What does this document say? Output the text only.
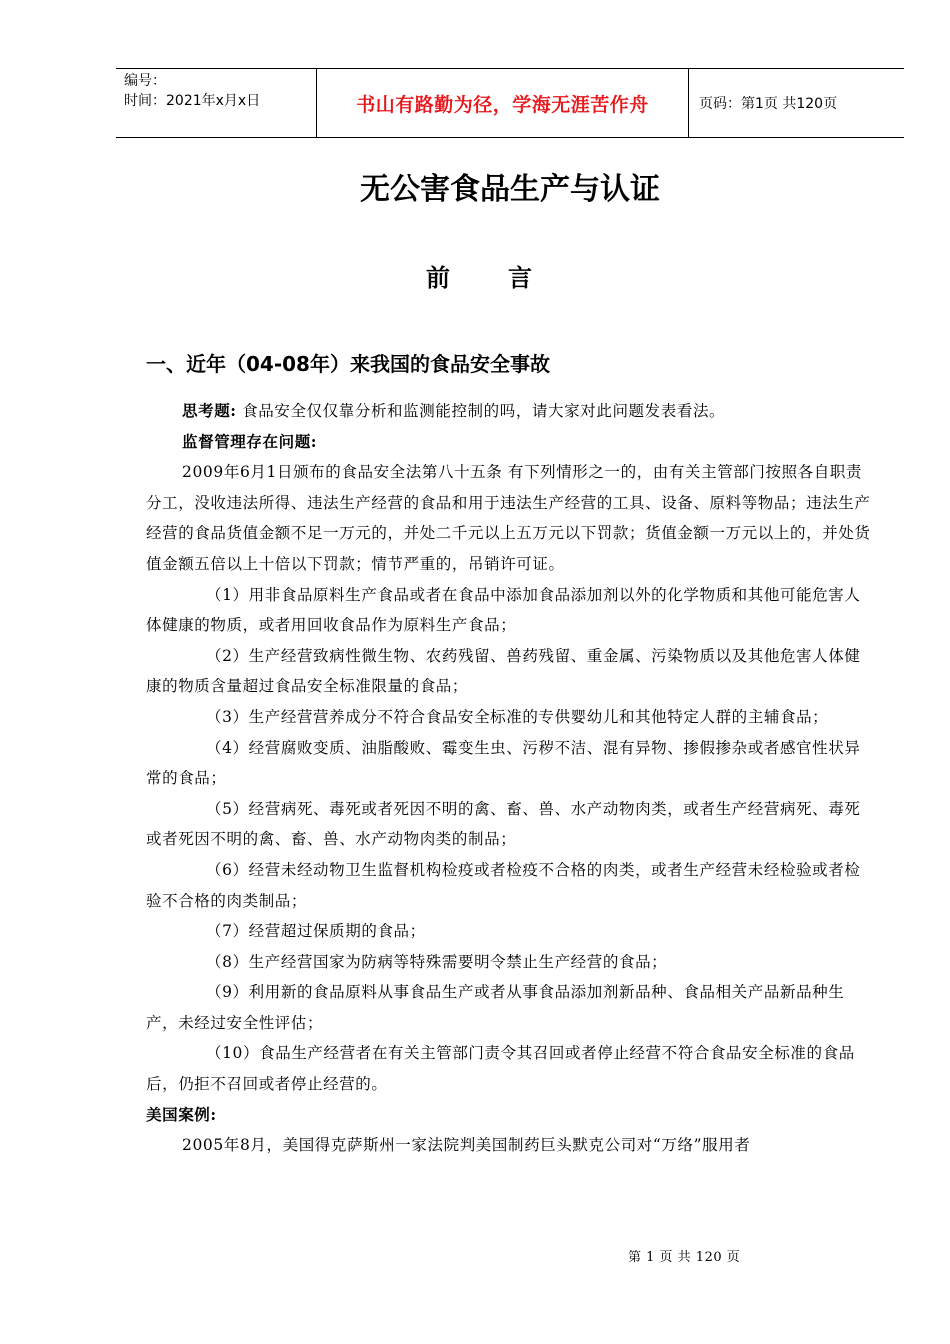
编号：
时间：2021年x月x日	书山有路勤为径，学海无涯苦作舟	页码：第1页 共120页
无公害食品生产与认证
前言
一、近年（04-08年）来我国的食品安全事故

思考题: 食品安全仅仅靠分析和监测能控制的吗，请大家对此问题发表看法。

监督管理存在问题:

2009年6月1日颁布的食品安全法第八十五条 有下列情形之一的，由有关主管部门按照各自职责分工，没收违法所得、违法生产经营的食品和用于违法生产经营的工具、设备、原料等物品；违法生产经营的食品货值金额不足一万元的，并处二千元以上五万元以下罚款；货值金额一万元以上的，并处货值金额五倍以上十倍以下罚款；情节严重的，吊销许可证。

（1）用非食品原料生产食品或者在食品中添加食品添加剂以外的化学物质和其他可能危害人体健康的物质，或者用回收食品作为原料生产食品；

（2）生产经营致病性微生物、农药残留、兽药残留、重金属、污染物质以及其他危害人体健康的物质含量超过食品安全标准限量的食品；

（3）生产经营营养成分不符合食品安全标准的专供婴幼儿和其他特定人群的主辅食品；

（4）经营腐败变质、油脂酸败、霉变生虫、污秽不洁、混有异物、掺假掺杂或者感官性状异常的食品；

（5）经营病死、毒死或者死因不明的禽、畜、兽、水产动物肉类，或者生产经营病死、毒死或者死因不明的禽、畜、兽、水产动物肉类的制品；

（6）经营未经动物卫生监督机构检疫或者检疫不合格的肉类，或者生产经营未经检验或者检验不合格的肉类制品；

（7）经营超过保质期的食品；

（8）生产经营国家为防病等特殊需要明令禁止生产经营的食品；

（9）利用新的食品原料从事食品生产或者从事食品添加剂新品种、食品相关产品新品种生产，未经过安全性评估；

（10）食品生产经营者在有关主管部门责令其召回或者停止经营不符合食品安全标准的食品后，仍拒不召回或者停止经营的。

美国案例:

2005年8月，美国得克萨斯州一家法院判美国制药巨头默克公司对“万络”服用者

第 1 页 共 120 页
